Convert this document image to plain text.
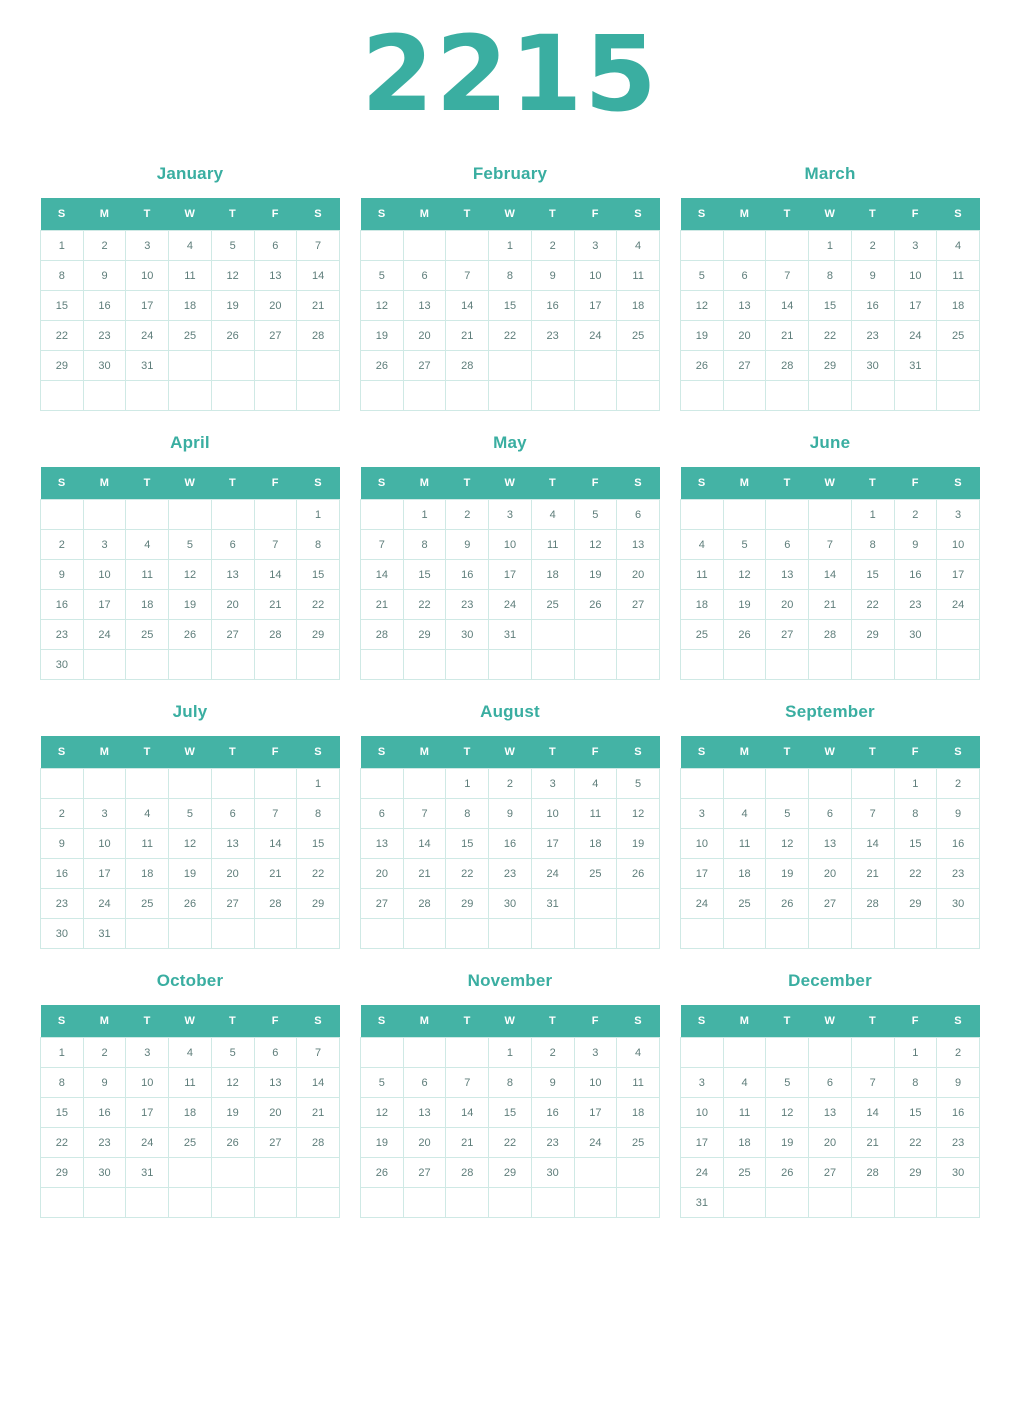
2215
January
S	M	T	W	T	F	S
1	2	3	4	5	6	7
8	9	10	11	12	13	14
15	16	17	18	19	20	21
22	23	24	25	26	27	28
29	30	31				

February
S	M	T	W	T	F	S
			1	2	3	4
5	6	7	8	9	10	11
12	13	14	15	16	17	18
19	20	21	22	23	24	25
26	27	28				

March
S	M	T	W	T	F	S
			1	2	3	4
5	6	7	8	9	10	11
12	13	14	15	16	17	18
19	20	21	22	23	24	25
26	27	28	29	30	31	

April
S	M	T	W	T	F	S
						1
2	3	4	5	6	7	8
9	10	11	12	13	14	15
16	17	18	19	20	21	22
23	24	25	26	27	28	29
30						
May
S	M	T	W	T	F	S
	1	2	3	4	5	6
7	8	9	10	11	12	13
14	15	16	17	18	19	20
21	22	23	24	25	26	27
28	29	30	31			

June
S	M	T	W	T	F	S
				1	2	3
4	5	6	7	8	9	10
11	12	13	14	15	16	17
18	19	20	21	22	23	24
25	26	27	28	29	30	

July
S	M	T	W	T	F	S
						1
2	3	4	5	6	7	8
9	10	11	12	13	14	15
16	17	18	19	20	21	22
23	24	25	26	27	28	29
30	31					
August
S	M	T	W	T	F	S
		1	2	3	4	5
6	7	8	9	10	11	12
13	14	15	16	17	18	19
20	21	22	23	24	25	26
27	28	29	30	31		

September
S	M	T	W	T	F	S
					1	2
3	4	5	6	7	8	9
10	11	12	13	14	15	16
17	18	19	20	21	22	23
24	25	26	27	28	29	30

October
S	M	T	W	T	F	S
1	2	3	4	5	6	7
8	9	10	11	12	13	14
15	16	17	18	19	20	21
22	23	24	25	26	27	28
29	30	31				

November
S	M	T	W	T	F	S
			1	2	3	4
5	6	7	8	9	10	11
12	13	14	15	16	17	18
19	20	21	22	23	24	25
26	27	28	29	30		

December
S	M	T	W	T	F	S
					1	2
3	4	5	6	7	8	9
10	11	12	13	14	15	16
17	18	19	20	21	22	23
24	25	26	27	28	29	30
31						
